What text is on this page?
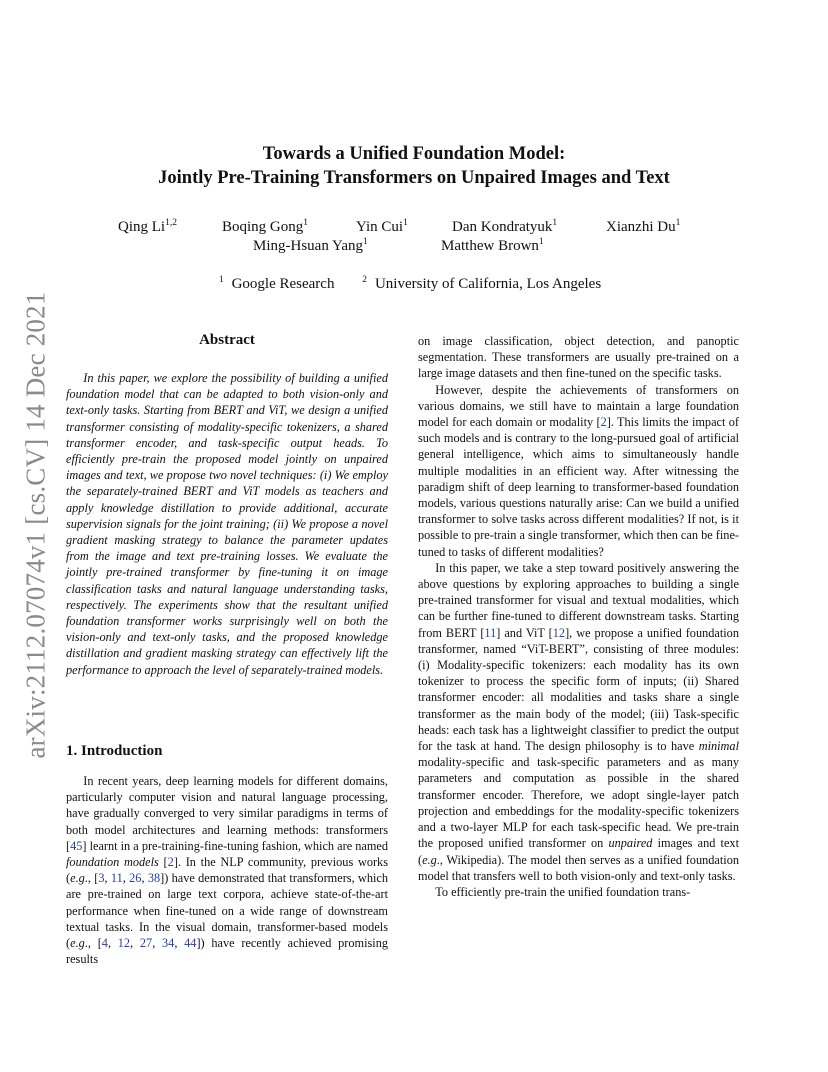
arXiv:2112.07074v1 [cs.CV] 14 Dec 2021
Towards a Unified Foundation Model:
Jointly Pre-Training Transformers on Unpaired Images and Text
Qing Li$^{1,2}$	Boqing Gong$^1$	Yin Cui$^1$	Dan Kondratyuk$^1$	Xianzhi Du$^1$
Ming-Hsuan Yang$^1$	Matthew Brown$^1$
$^1$ Google Research	$^2$ University of California, Los Angeles
Abstract

In this paper, we explore the possibility of building a unified foundation model that can be adapted to both vision-only and text-only tasks. Starting from BERT and ViT, we design a unified transformer consisting of modality-specific tokenizers, a shared transformer encoder, and task-specific output heads. To efficiently pre-train the proposed model jointly on unpaired images and text, we propose two novel techniques: (i) We employ the separately-trained BERT and ViT models as teachers and apply knowledge distillation to provide additional, accurate supervision signals for the joint training; (ii) We propose a novel gradient masking strategy to balance the parameter updates from the image and text pre-training losses. We evaluate the jointly pre-trained transformer by fine-tuning it on image classification tasks and natural language understanding tasks, respectively. The experiments show that the resultant unified foundation transformer works surprisingly well on both the vision-only and text-only tasks, and the proposed knowledge distillation and gradient masking strategy can effectively lift the performance to approach the level of separately-trained models.

1. Introduction

In recent years, deep learning models for different domains, particularly computer vision and natural language processing, have gradually converged to very similar paradigms in terms of both model architectures and learning methods: transformers [45] learnt in a pre-training-fine-tuning fashion, which are named foundation models [2]. In the NLP community, previous works (e.g., [3, 11, 26, 38]) have demonstrated that transformers, which are pre-trained on large text corpora, achieve state-of-the-art performance when fine-tuned on a wide range of downstream textual tasks. In the visual domain, transformer-based models (e.g., [4, 12, 27, 34, 44]) have recently achieved promising results

on image classification, object detection, and panoptic segmentation. These transformers are usually pre-trained on a large image datasets and then fine-tuned on the specific tasks.

However, despite the achievements of transformers on various domains, we still have to maintain a large foundation model for each domain or modality [2]. This limits the impact of such models and is contrary to the long-pursued goal of artificial general intelligence, which aims to simultaneously handle multiple modalities in an efficient way. After witnessing the paradigm shift of deep learning to transformer-based foundation models, various questions naturally arise: Can we build a unified transformer to solve tasks across different modalities? If not, is it possible to pre-train a single transformer, which then can be fine-tuned to tasks of different modalities?

In this paper, we take a step toward positively answering the above questions by exploring approaches to building a single pre-trained transformer for visual and textual modalities, which can be further fine-tuned to different downstream tasks. Starting from BERT [11] and ViT [12], we propose a unified foundation transformer, named “ViT-BERT”, consisting of three modules: (i) Modality-specific tokenizers: each modality has its own tokenizer to process the specific form of inputs; (ii) Shared transformer encoder: all modalities and tasks share a single transformer as the main body of the model; (iii) Task-specific heads: each task has a lightweight classifier to predict the output for the task at hand. The design philosophy is to have minimal modality-specific and task-specific parameters and as many parameters and computation as possible in the shared transformer encoder. Therefore, we adopt single-layer patch projection and embeddings for the modality-specific tokenizers and a two-layer MLP for each task-specific head. We pre-train the proposed unified transformer on unpaired images and text (e.g., Wikipedia). The model then serves as a unified foundation model that transfers well to both vision-only and text-only tasks.

To efficiently pre-train the unified foundation trans-
